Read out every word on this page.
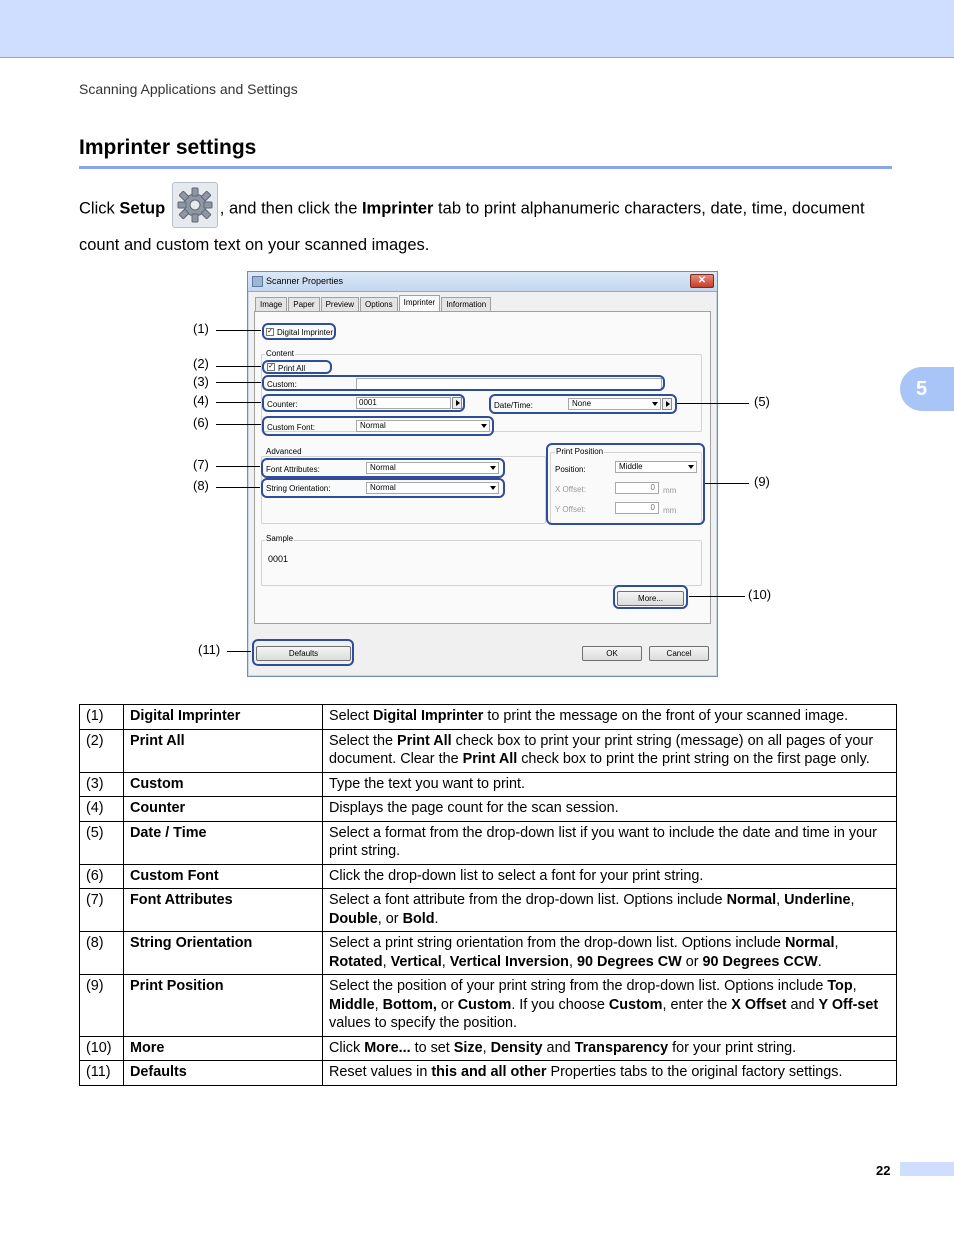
Scanning Applications and Settings
5
Imprinter settings
Click Setup	, and then click the Imprinter tab to print alphanumeric characters, date, time, document count and custom text on your scanned images.
Scanner Properties	✕
Image	Paper	Preview	Options	Imprinter	Information
✓ Digital Imprinter
Content
✓ Print All
Custom:
Counter:	0001	Date/Time:	None
Custom Font:	Normal
Advanced
Font Attributes:	Normal
String Orientation:	Normal
Print Position
Position:	Middle
X Offset:	0	mm
Y Offset:	0	mm
Sample
0001
More...
Defaults	OK	Cancel
(1)
(2)
(3)
(4)	(5)
(6)
(7)
(8)	(9)
(10)
(11)
(1)	Digital Imprinter	Select Digital Imprinter to print the message on the front of your scanned image.
(2)	Print All	Select the Print All check box to print your print string (message) on all pages of your document. Clear the Print All check box to print the print string on the first page only.
(3)	Custom	Type the text you want to print.
(4)	Counter	Displays the page count for the scan session.
(5)	Date / Time	Select a format from the drop-down list if you want to include the date and time in your print string.
(6)	Custom Font	Click the drop-down list to select a font for your print string.
(7)	Font Attributes	Select a font attribute from the drop-down list. Options include Normal, Underline, Double, or Bold.
(8)	String Orientation	Select a print string orientation from the drop-down list. Options include Normal, Rotated, Vertical, Vertical Inversion, 90 Degrees CW or 90 Degrees CCW.
(9)	Print Position	Select the position of your print string from the drop-down list. Options include Top, Middle, Bottom, or Custom. If you choose Custom, enter the X Offset and Y Off-set values to specify the position.
(10)	More	Click More... to set Size, Density and Transparency for your print string.
(11)	Defaults	Reset values in this and all other Properties tabs to the original factory settings.
22
